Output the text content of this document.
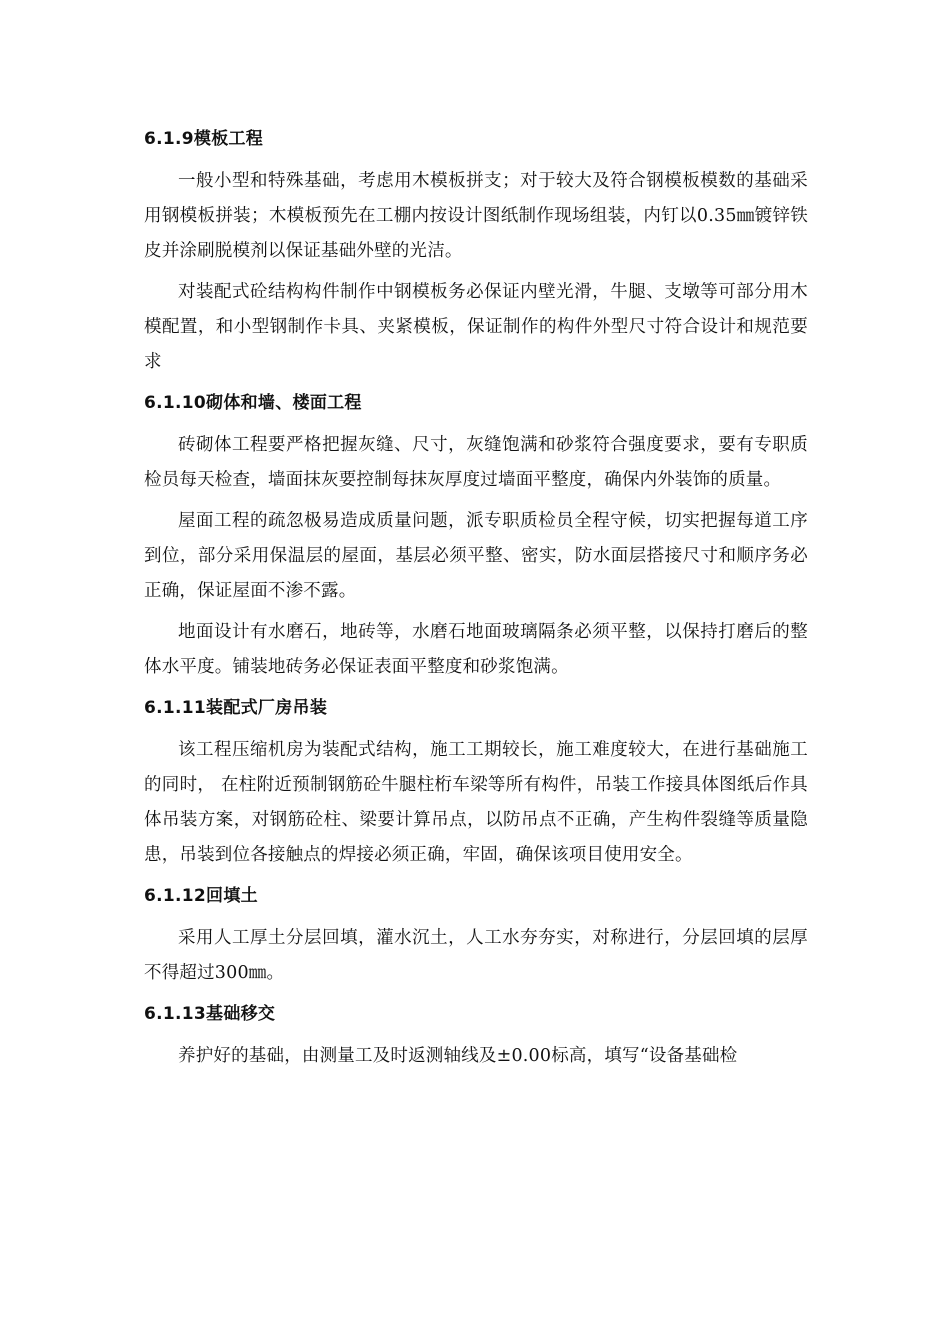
6.1.9模板工程

一般小型和特殊基础，考虑用木模板拼支；对于较大及符合钢模板模数的基础采用钢模板拼装；木模板预先在工棚内按设计图纸制作现场组装，内钉以0.35㎜镀锌铁皮并涂刷脱模剂以保证基础外壁的光洁。

对装配式砼结构构件制作中钢模板务必保证内壁光滑，牛腿、支墩等可部分用木模配置，和小型钢制作卡具、夹紧模板，保证制作的构件外型尺寸符合设计和规范要求

6.1.10砌体和墙、楼面工程

砖砌体工程要严格把握灰缝、尺寸，灰缝饱满和砂浆符合强度要求，要有专职质检员每天检查，墙面抹灰要控制每抹灰厚度过墙面平整度，确保内外装饰的质量。

屋面工程的疏忽极易造成质量问题，派专职质检员全程守候，切实把握每道工序到位，部分采用保温层的屋面，基层必须平整、密实，防水面层搭接尺寸和顺序务必正确，保证屋面不渗不露。

地面设计有水磨石，地砖等，水磨石地面玻璃隔条必须平整，以保持打磨后的整体水平度。铺装地砖务必保证表面平整度和砂浆饱满。

6.1.11装配式厂房吊装

该工程压缩机房为装配式结构，施工工期较长，施工难度较大，在进行基础施工的同时， 在柱附近预制钢筋砼牛腿柱桁车梁等所有构件，吊装工作接具体图纸后作具体吊装方案，对钢筋砼柱、梁要计算吊点，以防吊点不正确，产生构件裂缝等质量隐患，吊装到位各接触点的焊接必须正确，牢固，确保该项目使用安全。

6.1.12回填土

采用人工厚土分层回填，灌水沉土，人工水夯夯实，对称进行，分层回填的层厚不得超过300㎜。

6.1.13基础移交

养护好的基础，由测量工及时返测轴线及±0.00标高，填写“设备基础检
